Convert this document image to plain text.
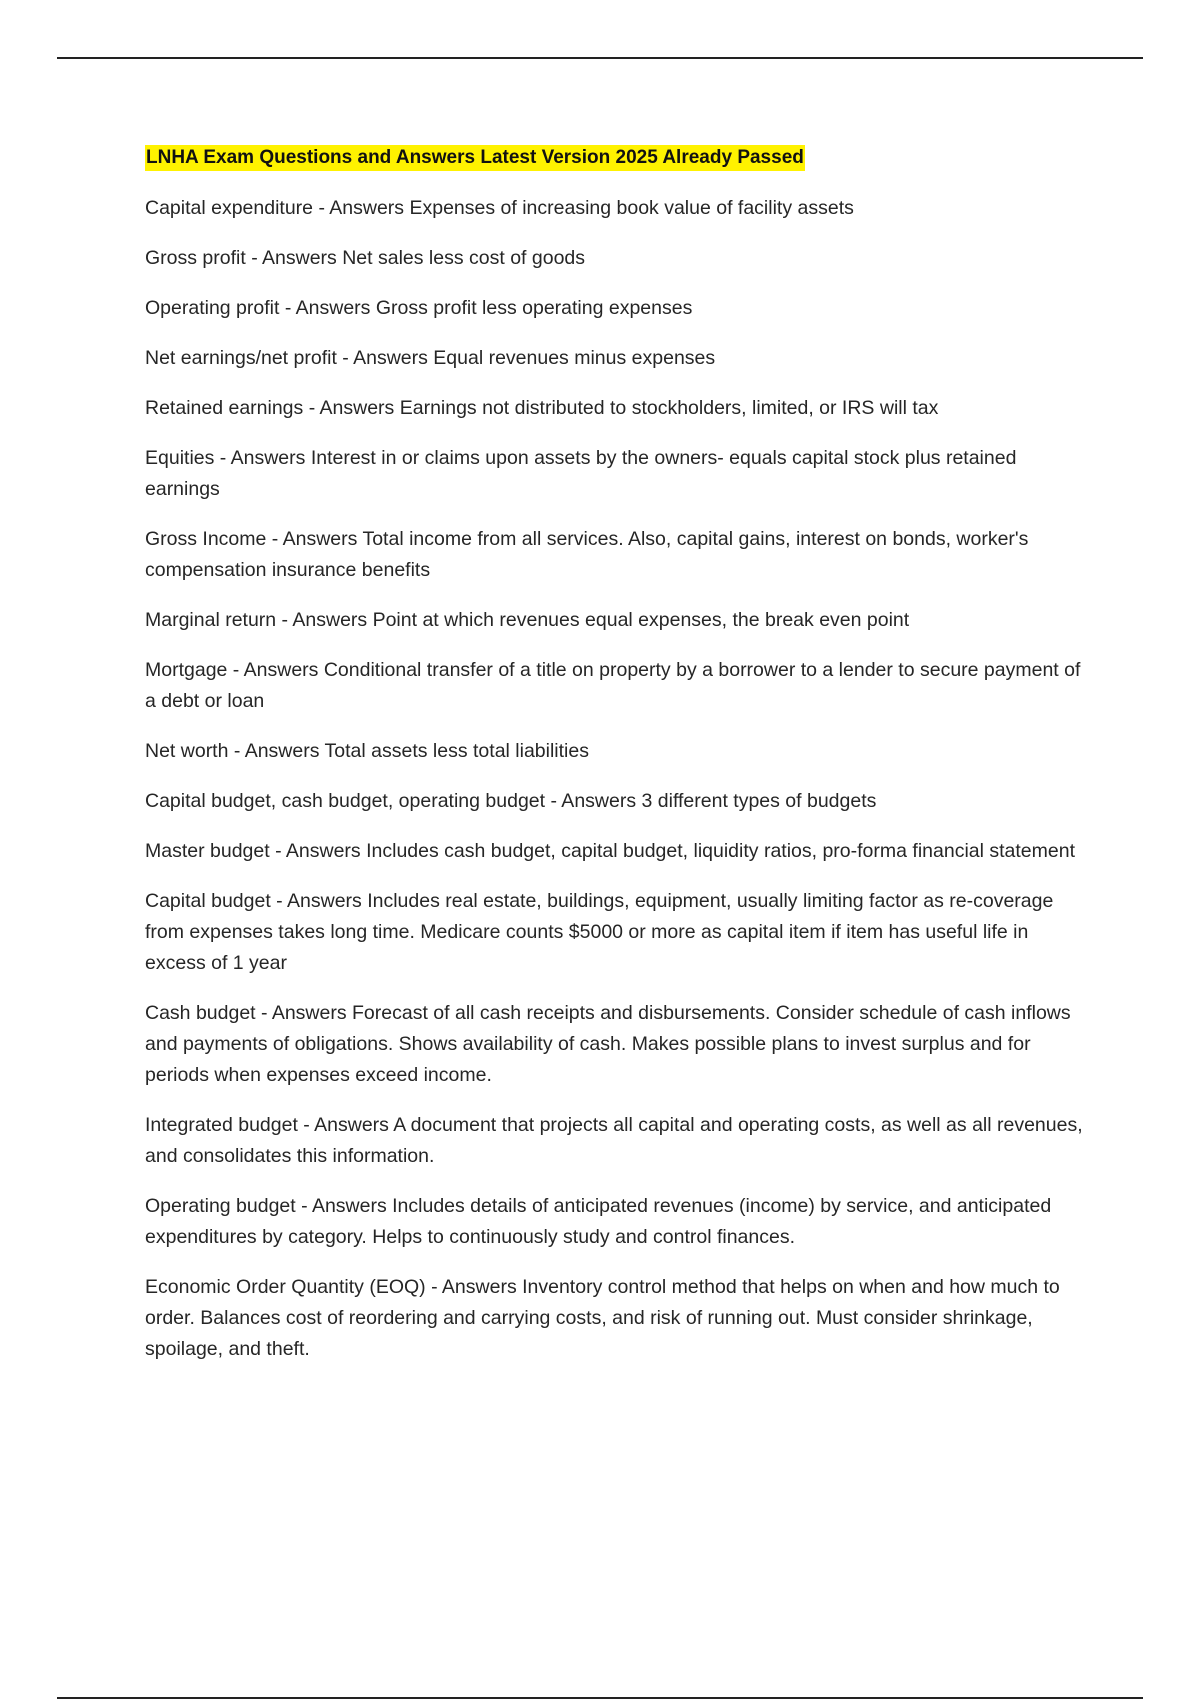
LNHA Exam Questions and Answers Latest Version 2025 Already Passed
Capital expenditure - Answers Expenses of increasing book value of facility assets
Gross profit - Answers Net sales less cost of goods
Operating profit - Answers Gross profit less operating expenses
Net earnings/net profit - Answers Equal revenues minus expenses
Retained earnings - Answers Earnings not distributed to stockholders, limited, or IRS will tax
Equities - Answers Interest in or claims upon assets by the owners- equals capital stock plus retained earnings
Gross Income - Answers Total income from all services. Also, capital gains, interest on bonds, worker's compensation insurance benefits
Marginal return - Answers Point at which revenues equal expenses, the break even point
Mortgage - Answers Conditional transfer of a title on property by a borrower to a lender to secure payment of a debt or loan
Net worth - Answers Total assets less total liabilities
Capital budget, cash budget, operating budget - Answers 3 different types of budgets
Master budget - Answers Includes cash budget, capital budget, liquidity ratios, pro-forma financial statement
Capital budget - Answers Includes real estate, buildings, equipment, usually limiting factor as re-coverage from expenses takes long time. Medicare counts $5000 or more as capital item if item has useful life in excess of 1 year
Cash budget - Answers Forecast of all cash receipts and disbursements. Consider schedule of cash inflows and payments of obligations. Shows availability of cash. Makes possible plans to invest surplus and for periods when expenses exceed income.
Integrated budget - Answers A document that projects all capital and operating costs, as well as all revenues, and consolidates this information.
Operating budget - Answers Includes details of anticipated revenues (income) by service, and anticipated expenditures by category. Helps to continuously study and control finances.
Economic Order Quantity (EOQ) - Answers Inventory control method that helps on when and how much to order. Balances cost of reordering and carrying costs, and risk of running out. Must consider shrinkage, spoilage, and theft.
